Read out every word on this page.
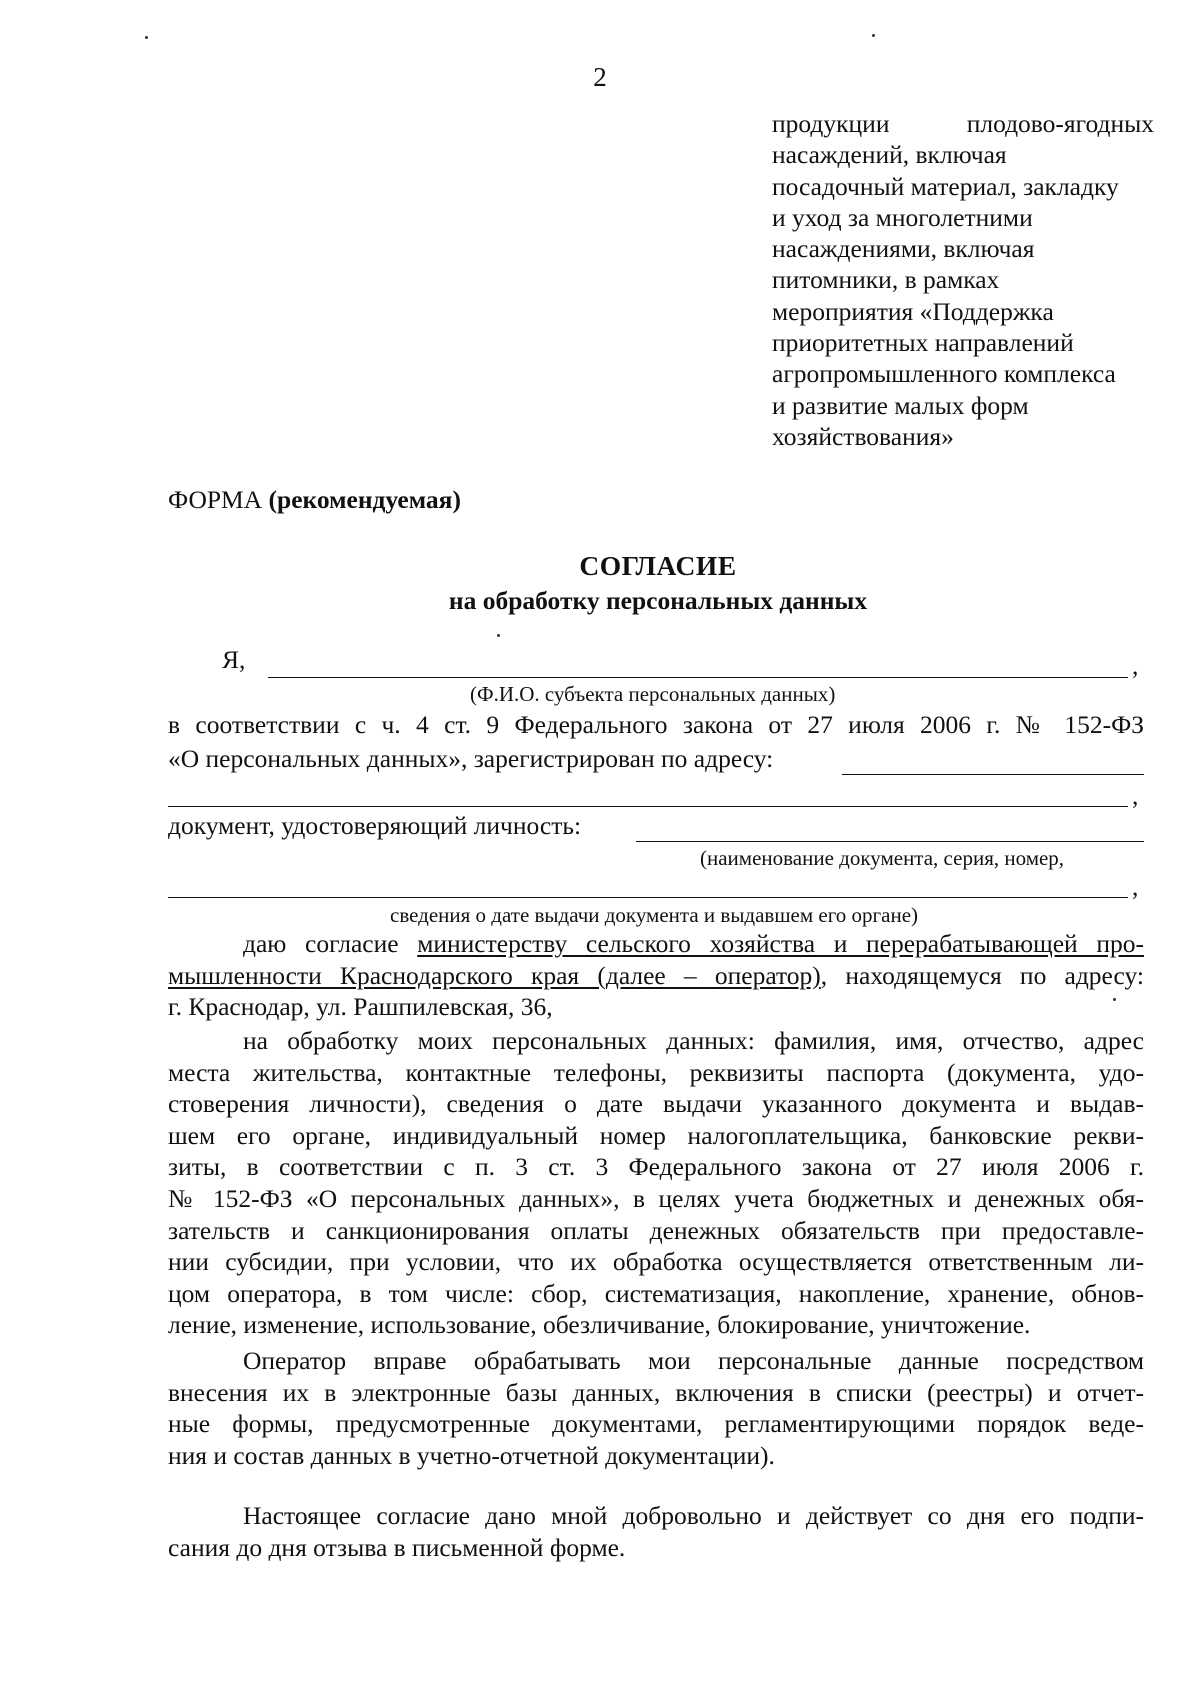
2
продукции плодово-ягодных
насаждений, включая
посадочный материал, закладку
и уход за многолетними
насаждениями, включая
питомники, в рамках
мероприятия «Поддержка
приоритетных направлений
агропромышленного комплекса
и развитие малых форм
хозяйствования»
ФОРМА (рекомендуемая)
СОГЛАСИЕ
на обработку персональных данных
Я,	,
(Ф.И.О. субъекта персональных данных)
в соответствии с ч. 4 ст. 9 Федерального закона от 27 июля 2006 г. № 152-ФЗ
«О персональных данных», зарегистрирован по адресу:
,
документ, удостоверяющий личность:
(наименование документа, серия, номер,
,
сведения о дате выдачи документа и выдавшем его органе)
даю согласие министерству сельского хозяйства и перерабатывающей про-
мышленности Краснодарского края (далее – оператор), находящемуся по адресу:
г. Краснодар, ул. Рашпилевская, 36,
на обработку моих персональных данных: фамилия, имя, отчество, адрес
места жительства, контактные телефоны, реквизиты паспорта (документа, удо-
стоверения личности), сведения о дате выдачи указанного документа и выдав-
шем его органе, индивидуальный номер налогоплательщика, банковские рекви-
зиты, в соответствии с п. 3 ст. 3 Федерального закона от 27 июля 2006 г.
№ 152-ФЗ «О персональных данных», в целях учета бюджетных и денежных обя-
зательств и санкционирования оплаты денежных обязательств при предоставле-
нии субсидии, при условии, что их обработка осуществляется ответственным ли-
цом оператора, в том числе: сбор, систематизация, накопление, хранение, обнов-
ление, изменение, использование, обезличивание, блокирование, уничтожение.
Оператор вправе обрабатывать мои персональные данные посредством
внесения их в электронные базы данных, включения в списки (реестры) и отчет-
ные формы, предусмотренные документами, регламентирующими порядок веде-
ния и состав данных в учетно-отчетной документации).
Настоящее согласие дано мной добровольно и действует со дня его подпи-
сания до дня отзыва в письменной форме.
